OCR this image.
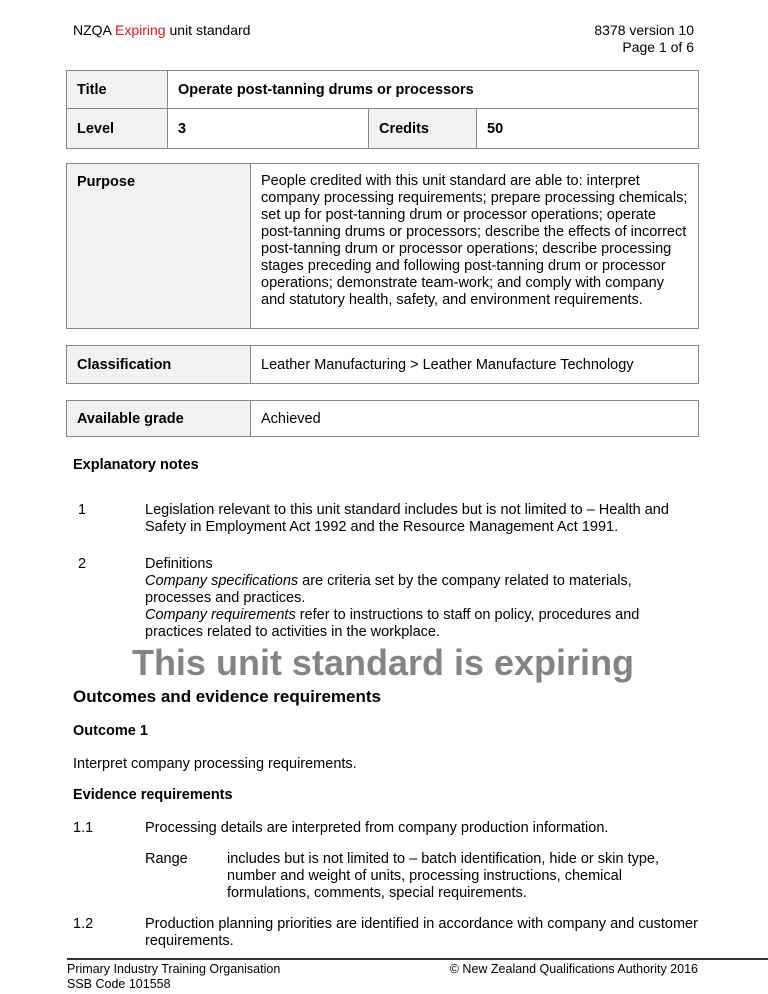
NZQA Expiring unit standard	8378 version 10
Page 1 of 6
Title	Operate post-tanning drums or processors		
Level	3	Credits	50
Purpose	People credited with this unit standard are able to: interpret company processing requirements; prepare processing chemicals; set up for post-tanning drum or processor operations; operate post-tanning drums or processors; describe the effects of incorrect post-tanning drum or processor operations; describe processing stages preceding and following post-tanning drum or processor operations; demonstrate team-work; and comply with company and statutory health, safety, and environment requirements.
Classification	Leather Manufacturing > Leather Manufacture Technology
Available grade	Achieved
Explanatory notes
1	Legislation relevant to this unit standard includes but is not limited to – Health and Safety in Employment Act 1992 and the Resource Management Act 1991.
2	Definitions
Company specifications are criteria set by the company related to materials, processes and practices.
Company requirements refer to instructions to staff on policy, procedures and practices related to activities in the workplace.
This unit standard is expiring
Outcomes and evidence requirements
Outcome 1
Interpret company processing requirements.
Evidence requirements
1.1	Processing details are interpreted from company production information.
Range	includes but is not limited to – batch identification, hide or skin type, number and weight of units, processing instructions, chemical formulations, comments, special requirements.
1.2	Production planning priorities are identified in accordance with company and customer requirements.
Primary Industry Training Organisation
SSB Code 101558
© New Zealand Qualifications Authority 2016
